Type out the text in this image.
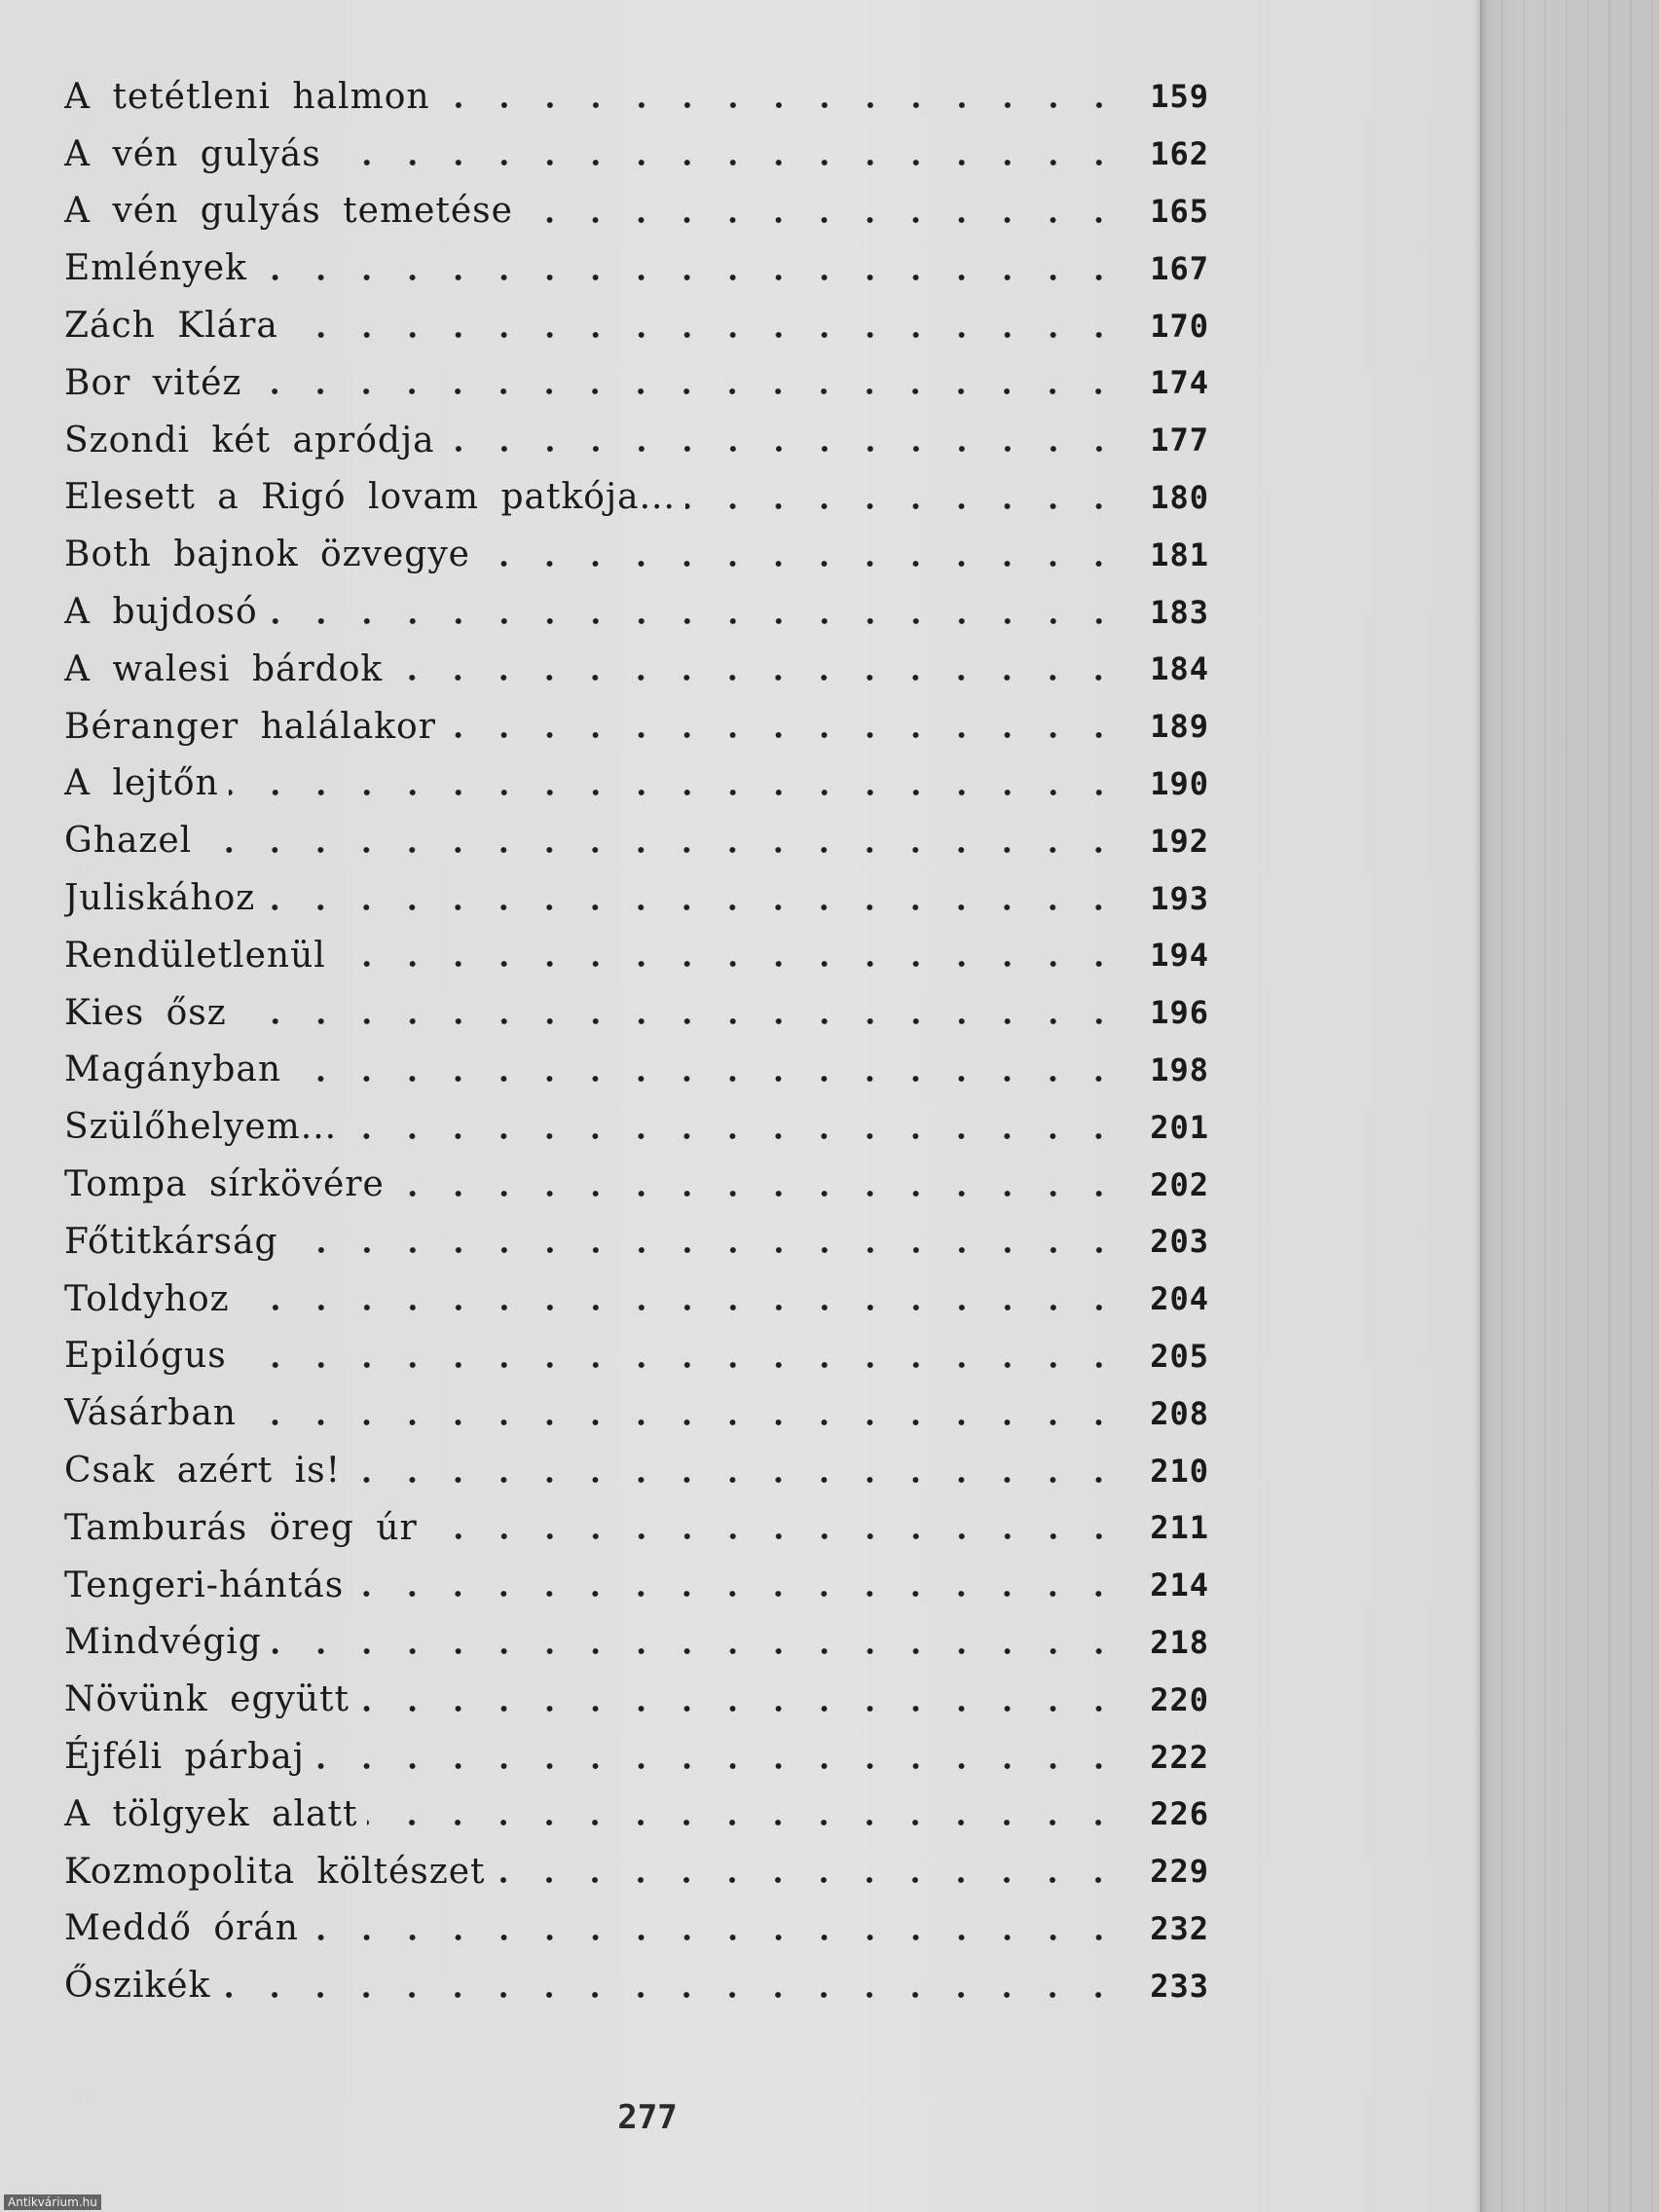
A tetétleni halmon	159
A vén gulyás	162
A vén gulyás temetése	165
Emlények	167
Zách Klára	170
Bor vitéz	174
Szondi két apródja	177
Elesett a Rigó lovam patkója...	180
Both bajnok özvegye	181
A bujdosó	183
A walesi bárdok	184
Béranger halálakor	189
A lejtőn	190
Ghazel	192
Juliskához	193
Rendületlenül	194
Kies ősz	196
Magányban	198
Szülőhelyem...	201
Tompa sírkövére	202
Főtitkárság	203
Toldyhoz	204
Epilógus	205
Vásárban	208
Csak azért is!	210
Tamburás öreg úr	211
Tengeri-hántás	214
Mindvégig	218
Növünk együtt	220
Éjféli párbaj	222
A tölgyek alatt	226
Kozmopolita költészet	229
Meddő órán	232
Őszikék	233
277
Antikvárium.hu
